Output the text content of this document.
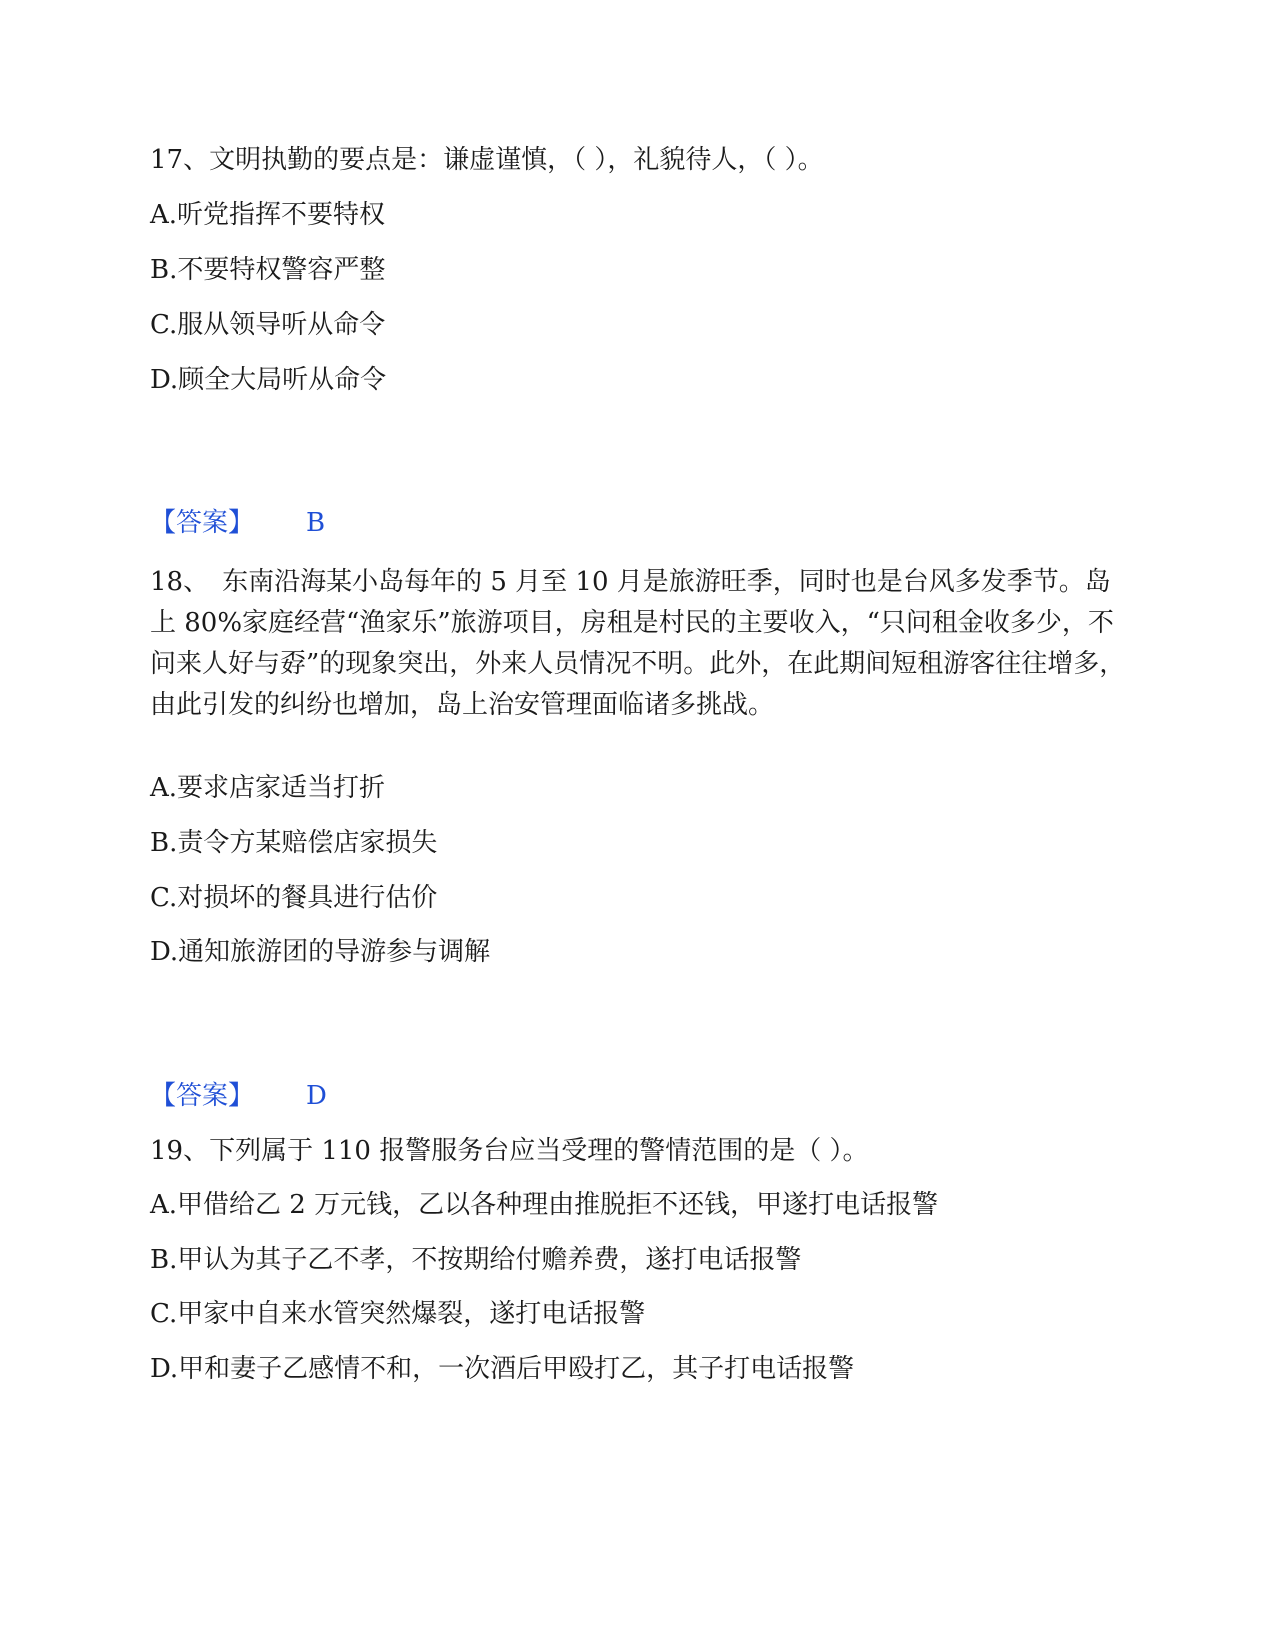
17、文明执勤的要点是：谦虚谨慎，（ ），礼貌待人，（ ）。
A.听党指挥不要特权
B.不要特权警容严整
C.服从领导听从命令
D.顾全大局听从命令
【答案】 B
18、　东南沿海某小岛每年的 5 月至 10 月是旅游旺季，同时也是台风多发季节。岛上 80%家庭经营“渔家乐”旅游项目，房租是村民的主要收入，“只问租金收多少，不问来人好与孬”的现象突出，外来人员情况不明。此外，在此期间短租游客往往增多，由此引发的纠纷也增加，岛上治安管理面临诸多挑战。
A.要求店家适当打折
B.责令方某赔偿店家损失
C.对损坏的餐具进行估价
D.通知旅游团的导游参与调解
【答案】 D
19、下列属于 110 报警服务台应当受理的警情范围的是（ ）。
A.甲借给乙 2 万元钱，乙以各种理由推脱拒不还钱，甲遂打电话报警
B.甲认为其子乙不孝，不按期给付赡养费，遂打电话报警
C.甲家中自来水管突然爆裂，遂打电话报警
D.甲和妻子乙感情不和，一次酒后甲殴打乙，其子打电话报警
